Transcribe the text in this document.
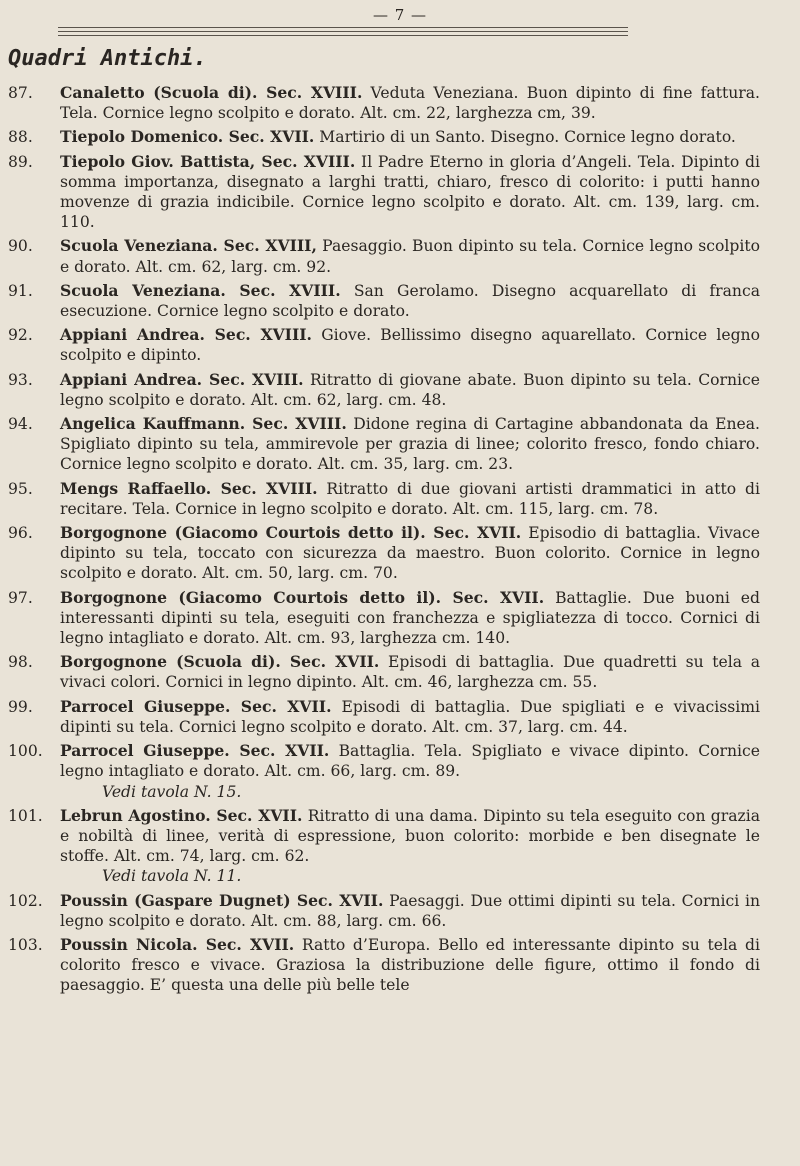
— 7 —
Quadri Antichi.
87.	Canaletto (Scuola di). Sec. XVIII. Veduta Veneziana. Buon dipinto di fine fattura. Tela. Cornice legno scolpito e dorato. Alt. cm. 22, larghezza cm, 39.
88.	Tiepolo Domenico. Sec. XVII. Martirio di un Santo. Disegno. Cornice legno dorato.
89.	Tiepolo Giov. Battista, Sec. XVIII. Il Padre Eterno in gloria d’Angeli. Tela. Dipinto di somma importanza, disegnato a larghi tratti, chiaro, fresco di colorito: i putti hanno movenze di grazia indicibile. Cornice legno scolpito e dorato. Alt. cm. 139, larg. cm. 110.
90.	Scuola Veneziana. Sec. XVIII, Paesaggio. Buon dipinto su tela. Cornice legno scolpito e dorato. Alt. cm. 62, larg. cm. 92.
91.	Scuola Veneziana. Sec. XVIII. San Gerolamo. Disegno acquarellato di franca esecuzione. Cornice legno scolpito e dorato.
92.	Appiani Andrea. Sec. XVIII. Giove. Bellissimo disegno aquarellato. Cornice legno scolpito e dipinto.
93.	Appiani Andrea. Sec. XVIII. Ritratto di giovane abate. Buon dipinto su tela. Cornice legno scolpito e dorato. Alt. cm. 62, larg. cm. 48.
94.	Angelica Kauffmann. Sec. XVIII. Didone regina di Cartagine abbandonata da Enea. Spigliato dipinto su tela, ammirevole per grazia di linee; colorito fresco, fondo chiaro. Cornice legno scolpito e dorato. Alt. cm. 35, larg. cm. 23.
95.	Mengs Raffaello. Sec. XVIII. Ritratto di due giovani artisti drammatici in atto di recitare. Tela. Cornice in legno scolpito e dorato. Alt. cm. 115, larg. cm. 78.
96.	Borgognone (Giacomo Courtois detto il). Sec. XVII. Episodio di battaglia. Vivace dipinto su tela, toccato con sicurezza da maestro. Buon colorito. Cornice in legno scolpito e dorato. Alt. cm. 50, larg. cm. 70.
97.	Borgognone (Giacomo Courtois detto il). Sec. XVII. Battaglie. Due buoni ed interessanti dipinti su tela, eseguiti con franchezza e spigliatezza di tocco. Cornici di legno intagliato e dorato. Alt. cm. 93, larghezza cm. 140.
98.	Borgognone (Scuola di). Sec. XVII. Episodi di battaglia. Due quadretti su tela a vivaci colori. Cornici in legno dipinto. Alt. cm. 46, larghezza cm. 55.
99.	Parrocel Giuseppe. Sec. XVII. Episodi di battaglia. Due spigliati e e vivacissimi dipinti su tela. Cornici legno scolpito e dorato. Alt. cm. 37, larg. cm. 44.
100.	Parrocel Giuseppe. Sec. XVII. Battaglia. Tela. Spigliato e vivace dipinto. Cornice legno intagliato e dorato. Alt. cm. 66, larg. cm. 89.
Vedi tavola N. 15.
101.	Lebrun Agostino. Sec. XVII. Ritratto di una dama. Dipinto su tela eseguito con grazia e nobiltà di linee, verità di espressione, buon colorito: morbide e ben disegnate le stoffe. Alt. cm. 74, larg. cm. 62.
Vedi tavola N. 11.
102.	Poussin (Gaspare Dugnet) Sec. XVII. Paesaggi. Due ottimi dipinti su tela. Cornici in legno scolpito e dorato. Alt. cm. 88, larg. cm. 66.
103.	Poussin Nicola. Sec. XVII. Ratto d’Europa. Bello ed interessante dipinto su tela di colorito fresco e vivace. Graziosa la distribuzione delle figure, ottimo il fondo di paesaggio. E’ questa una delle più belle tele
